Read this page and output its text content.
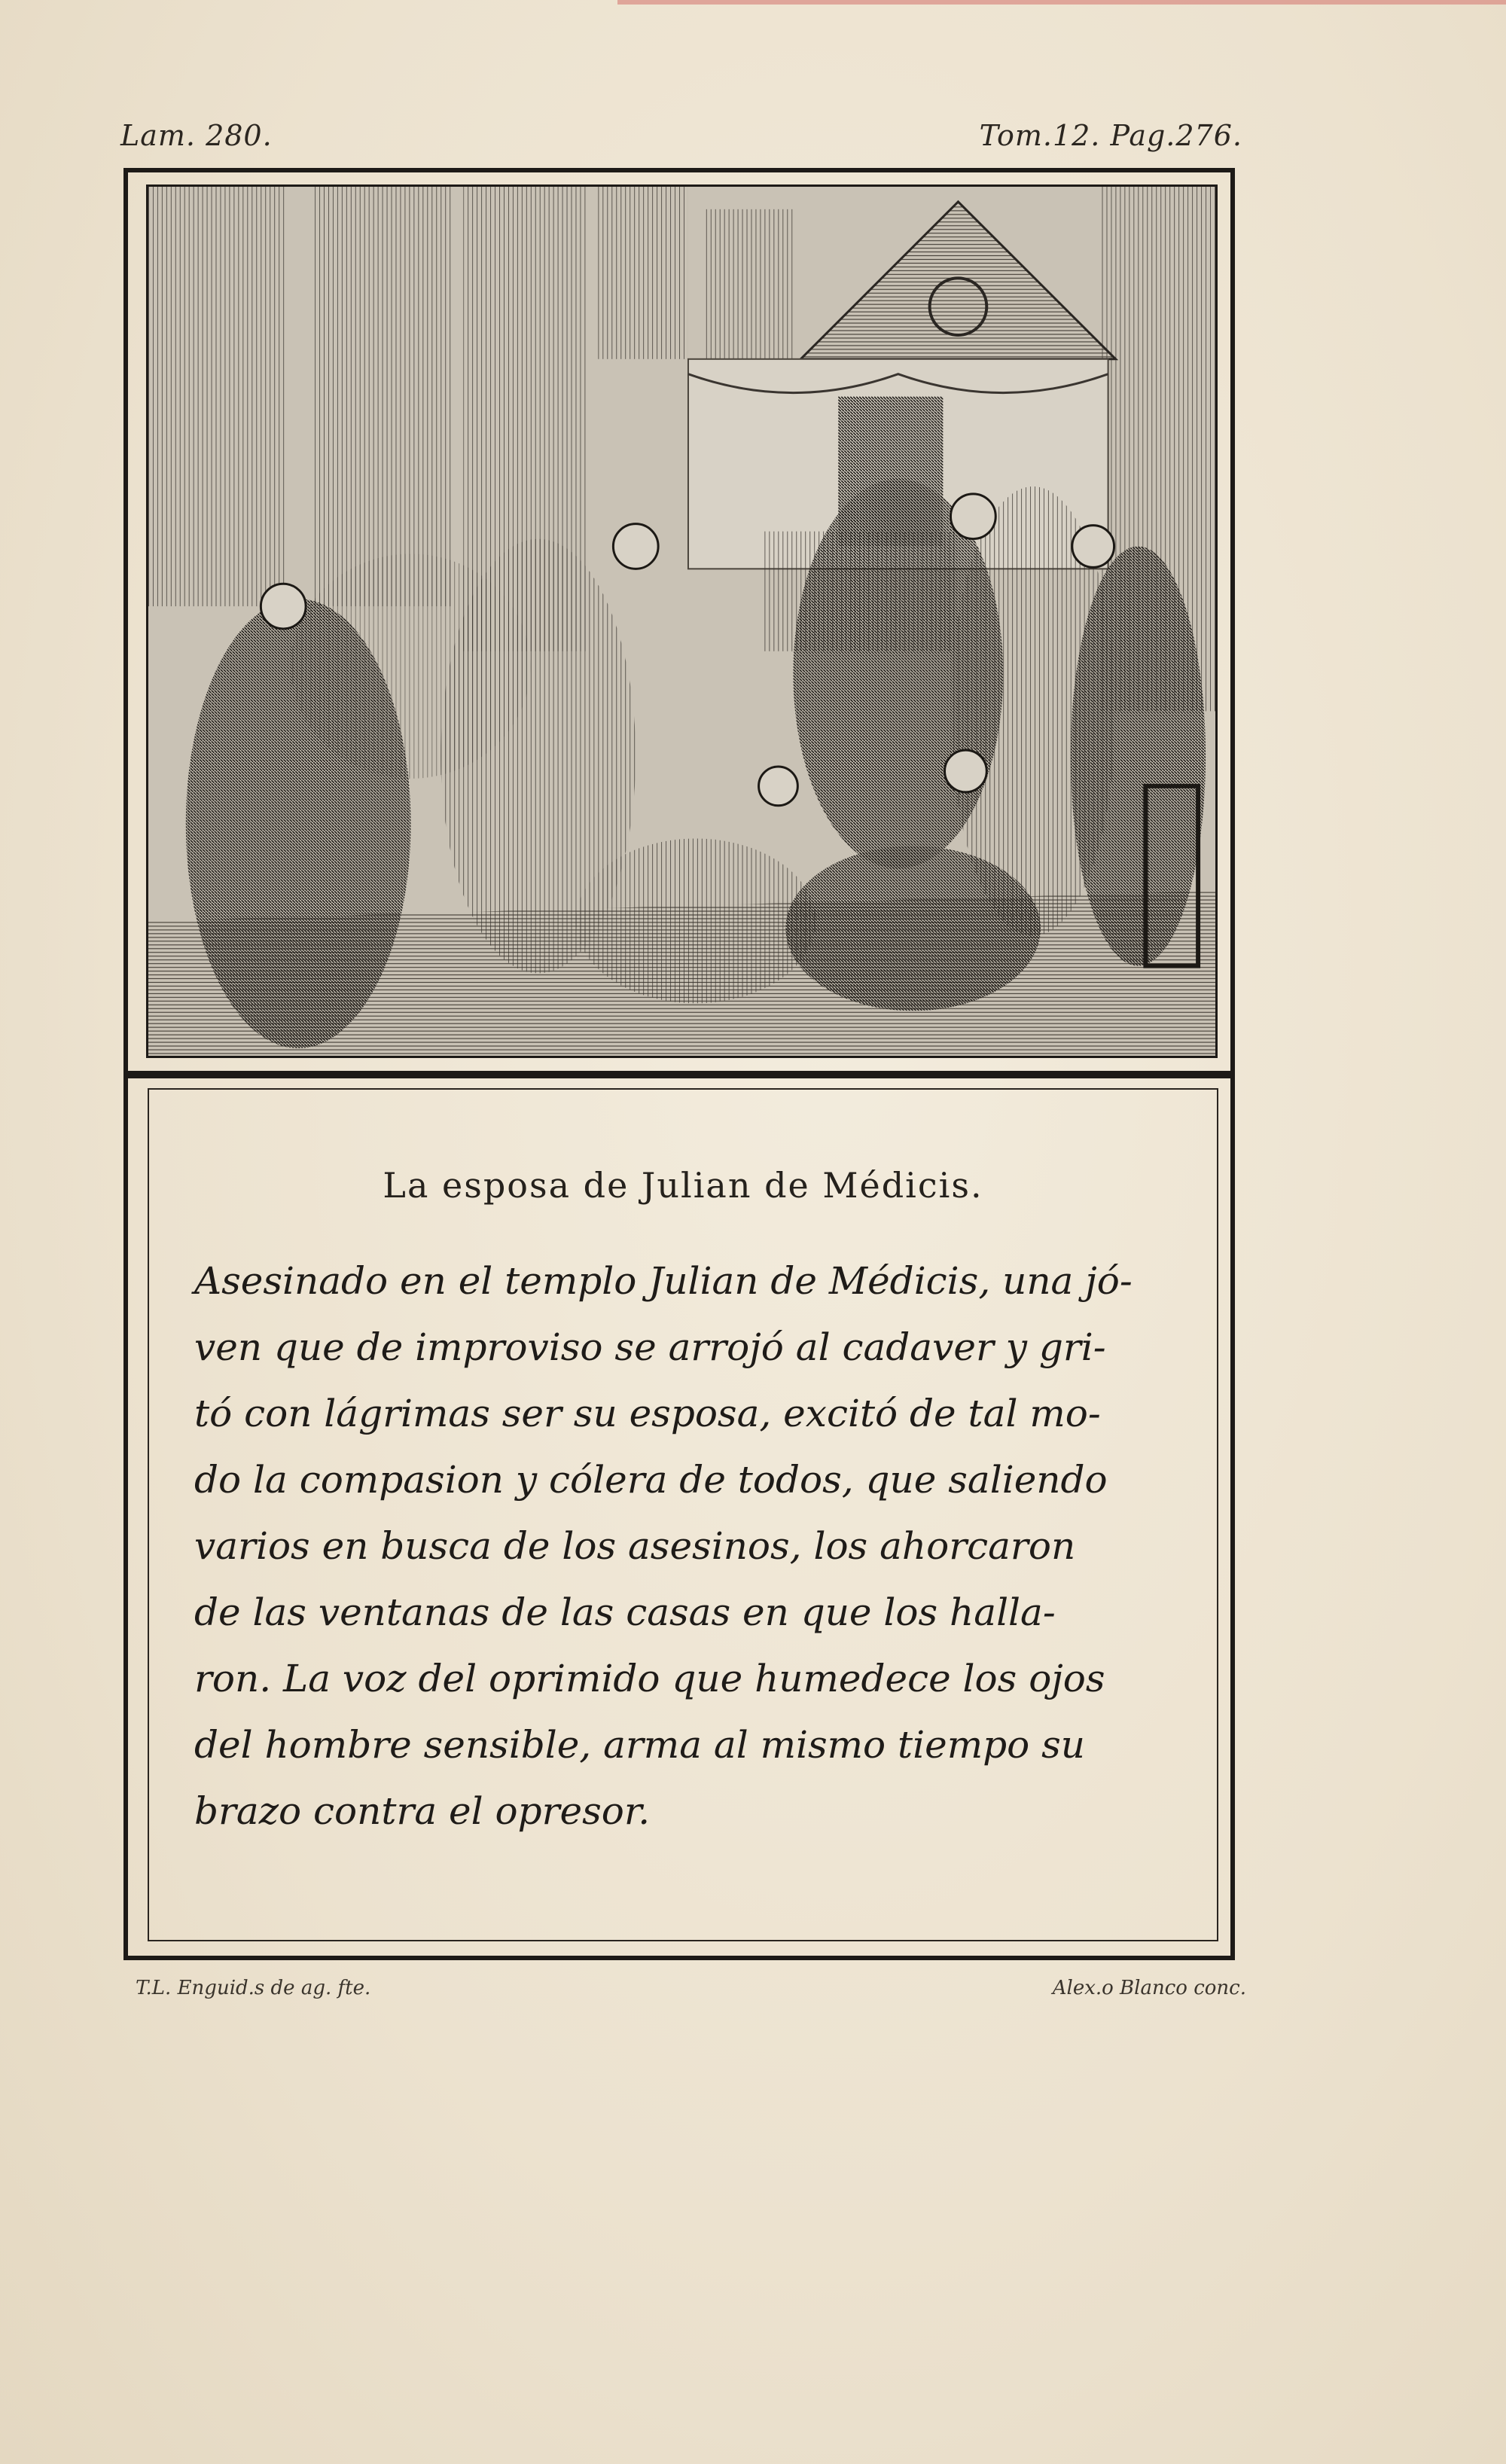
Lam. 280.	Tom.12. Pag.276.
La esposa de Julian de Médicis.
Asesinado en el templo Julian de Médicis, una jó-
ven que de improviso se arrojó al cadaver y gri-
tó con lágrimas ser su esposa, excitó de tal mo-
do la compasion y cólera de todos, que saliendo
varios en busca de los asesinos, los ahorcaron
de las ventanas de las casas en que los halla-
ron. La voz del oprimido que humedece los ojos
del hombre sensible, arma al mismo tiempo su
brazo contra el opresor.
T.L. Enguid.s de ag. fte.	Alex.o Blanco conc.
